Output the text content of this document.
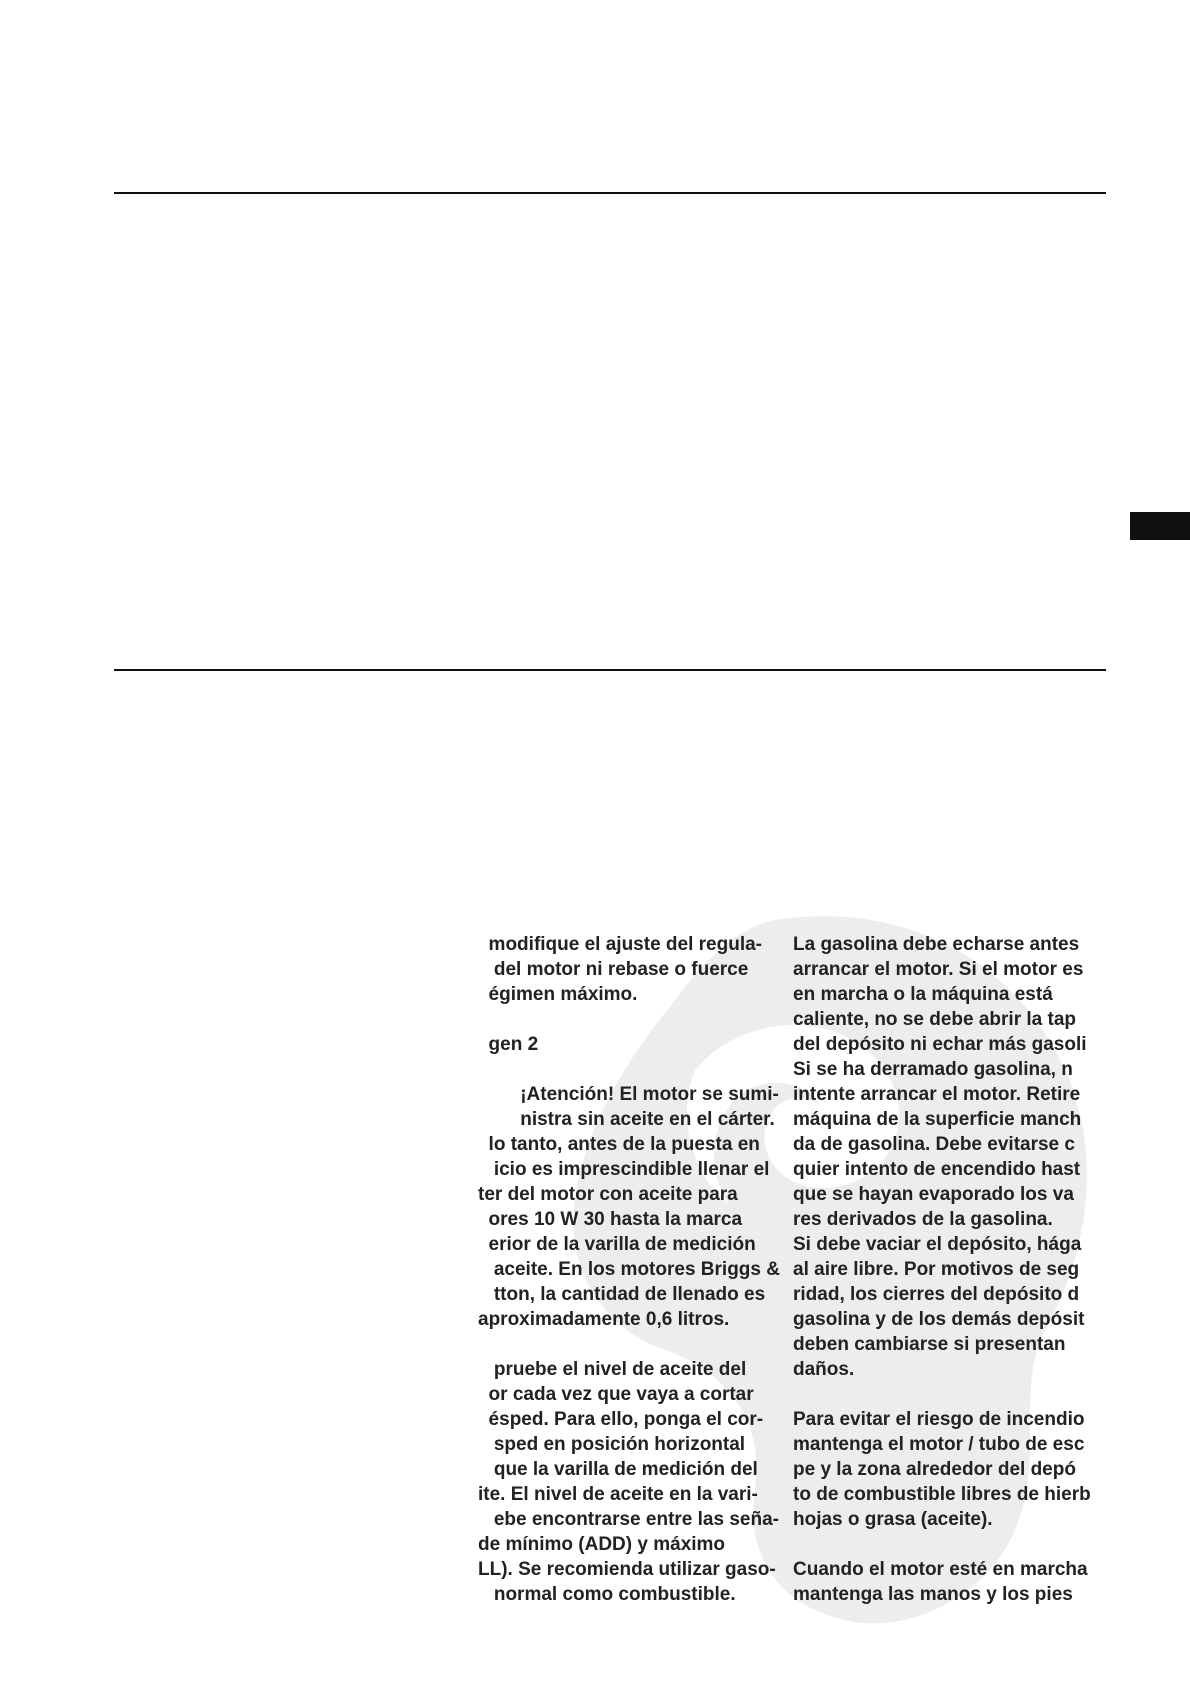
modifique el ajuste del regula-
del motor ni rebase o fuerce
égimen máximo.
gen 2
¡Atención! El motor se sumi-
nistra sin aceite en el cárter.
lo tanto, antes de la puesta en
icio es imprescindible llenar el
ter del motor con aceite para
ores 10 W 30 hasta la marca
erior de la varilla de medición
aceite. En los motores Briggs &
tton, la cantidad de llenado es
aproximadamente 0,6 litros.
pruebe el nivel de aceite del
or cada vez que vaya a cortar
ésped. Para ello, ponga el cor-
sped en posición horizontal
que la varilla de medición del
ite. El nivel de aceite en la vari-
ebe encontrarse entre las seña-
de mínimo (ADD) y máximo
LL). Se recomienda utilizar gaso-
normal como combustible.
La gasolina debe echarse antes
arrancar el motor. Si el motor es
en marcha o la máquina está
caliente, no se debe abrir la tap
del depósito ni echar más gasoli
Si se ha derramado gasolina, n
intente arrancar el motor. Retire
máquina de la superficie manch
da de gasolina. Debe evitarse c
quier intento de encendido hast
que se hayan evaporado los va
res derivados de la gasolina.
Si debe vaciar el depósito, hága
al aire libre. Por motivos de seg
ridad, los cierres del depósito d
gasolina y de los demás depósit
deben cambiarse si presentan
daños.
Para evitar el riesgo de incendio
mantenga el motor / tubo de esc
pe y la zona alrededor del depó
to de combustible libres de hierb
hojas o grasa (aceite).
Cuando el motor esté en marcha
mantenga las manos y los pies
